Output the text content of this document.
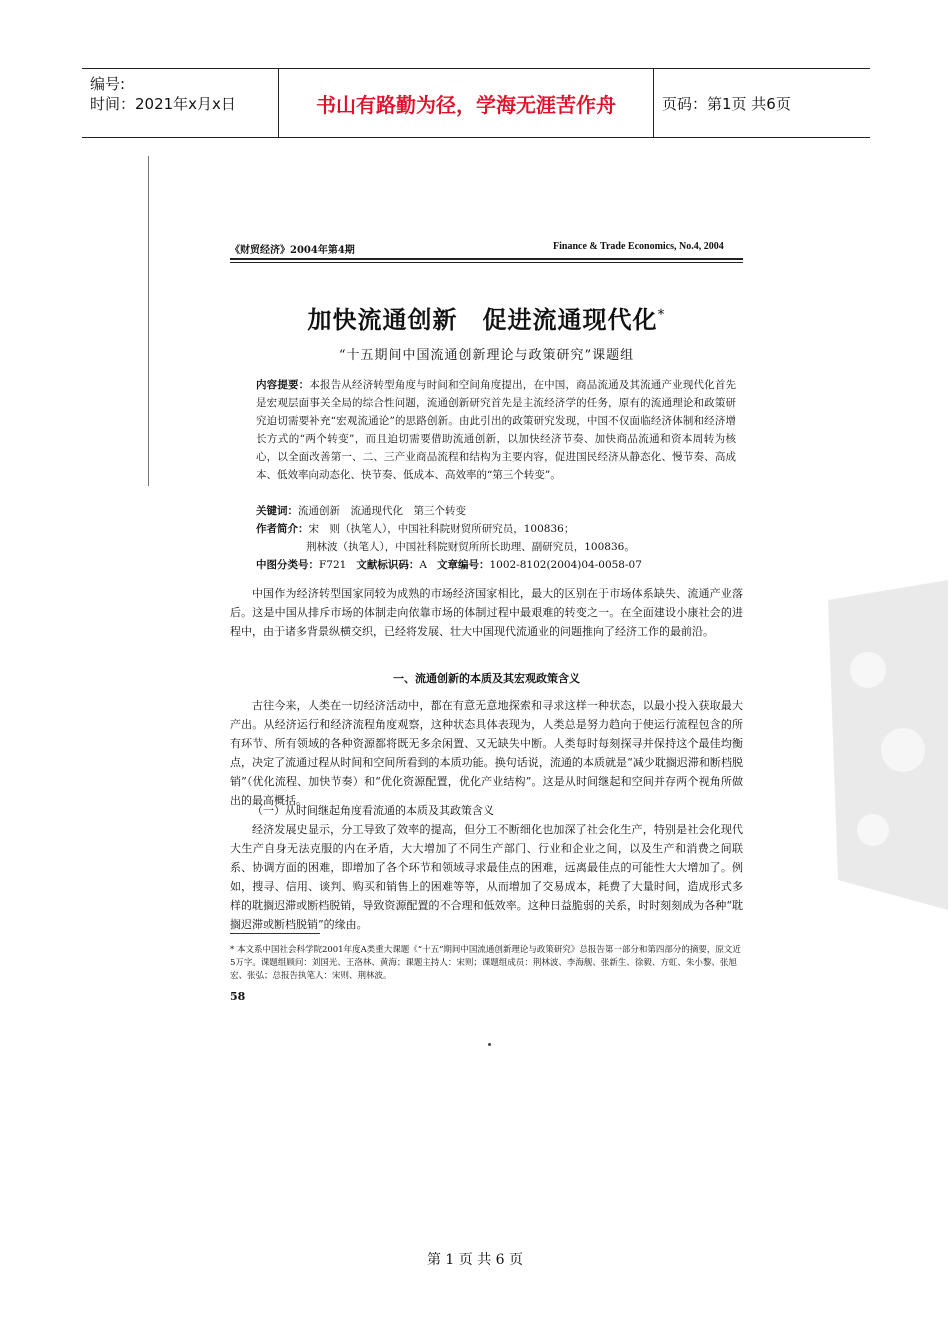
编号:
时间：2021年x月x日	书山有路勤为径，学海无涯苦作舟	页码：第1页 共6页
《财贸经济》2004年第4期	Finance & Trade Economics, No.4, 2004
加快流通创新　促进流通现代化*
“十五期间中国流通创新理论与政策研究”课题组
内容提要：本报告从经济转型角度与时间和空间角度提出，在中国，商品流通及其流通产业现代化首先是宏观层面事关全局的综合性问题，流通创新研究首先是主流经济学的任务，原有的流通理论和政策研究迫切需要补充“宏观流通论”的思路创新。由此引出的政策研究发现，中国不仅面临经济体制和经济增长方式的“两个转变”，而且迫切需要借助流通创新，以加快经济节奏、加快商品流通和资本周转为核心，以全面改善第一、二、三产业商品流程和结构为主要内容，促进国民经济从静态化、慢节奏、高成本、低效率向动态化、快节奏、低成本、高效率的“第三个转变”。
关键词：流通创新　流通现代化　第三个转变
作者简介：宋　则（执笔人），中国社科院财贸所研究员，100836；
荆林波（执笔人），中国社科院财贸所所长助理、副研究员，100836。
中图分类号：F721 文献标识码：A 文章编号：1002-8102(2004)04-0058-07
中国作为经济转型国家同较为成熟的市场经济国家相比，最大的区别在于市场体系缺失、流通产业落后。这是中国从排斥市场的体制走向依靠市场的体制过程中最艰难的转变之一。在全面建设小康社会的进程中，由于诸多背景纵横交织，已经将发展、壮大中国现代流通业的问题推向了经济工作的最前沿。
一、流通创新的本质及其宏观政策含义
古往今来，人类在一切经济活动中，都在有意无意地探索和寻求这样一种状态，以最小投入获取最大产出。从经济运行和经济流程角度观察，这种状态具体表现为，人类总是努力趋向于使运行流程包含的所有环节、所有领域的各种资源都将既无多余闲置、又无缺失中断。人类每时每刻探寻并保持这个最佳均衡点，决定了流通过程从时间和空间所看到的本质功能。换句话说，流通的本质就是“减少耽搁迟滞和断档脱销”（优化流程、加快节奏）和“优化资源配置，优化产业结构”。这是从时间继起和空间并存两个视角所做出的最高概括。
（一）从时间继起角度看流通的本质及其政策含义
经济发展史显示，分工导致了效率的提高，但分工不断细化也加深了社会化生产，特别是社会化现代大生产自身无法克服的内在矛盾，大大增加了不同生产部门、行业和企业之间，以及生产和消费之间联系、协调方面的困难，即增加了各个环节和领域寻求最佳点的困难，远离最佳点的可能性大大增加了。例如，搜寻、信用、谈判、购买和销售上的困难等等，从而增加了交易成本，耗费了大量时间，造成形式多样的耽搁迟滞或断档脱销，导致资源配置的不合理和低效率。这种日益脆弱的关系，时时刻刻成为各种“耽搁迟滞或断档脱销”的缘由。
* 本文系中国社会科学院2001年度A类重大课题《“十五”期间中国流通创新理论与政策研究》总报告第一部分和第四部分的摘要，原文近5万字。课题组顾问：刘国光、王洛林、黄海；课题主持人：宋则；课题组成员：荆林波、李海舰、张新生、徐毅、方虹、朱小黎、张旭宏、张弘；总报告执笔人：宋则、荆林波。
58
第 1 页 共 6 页
